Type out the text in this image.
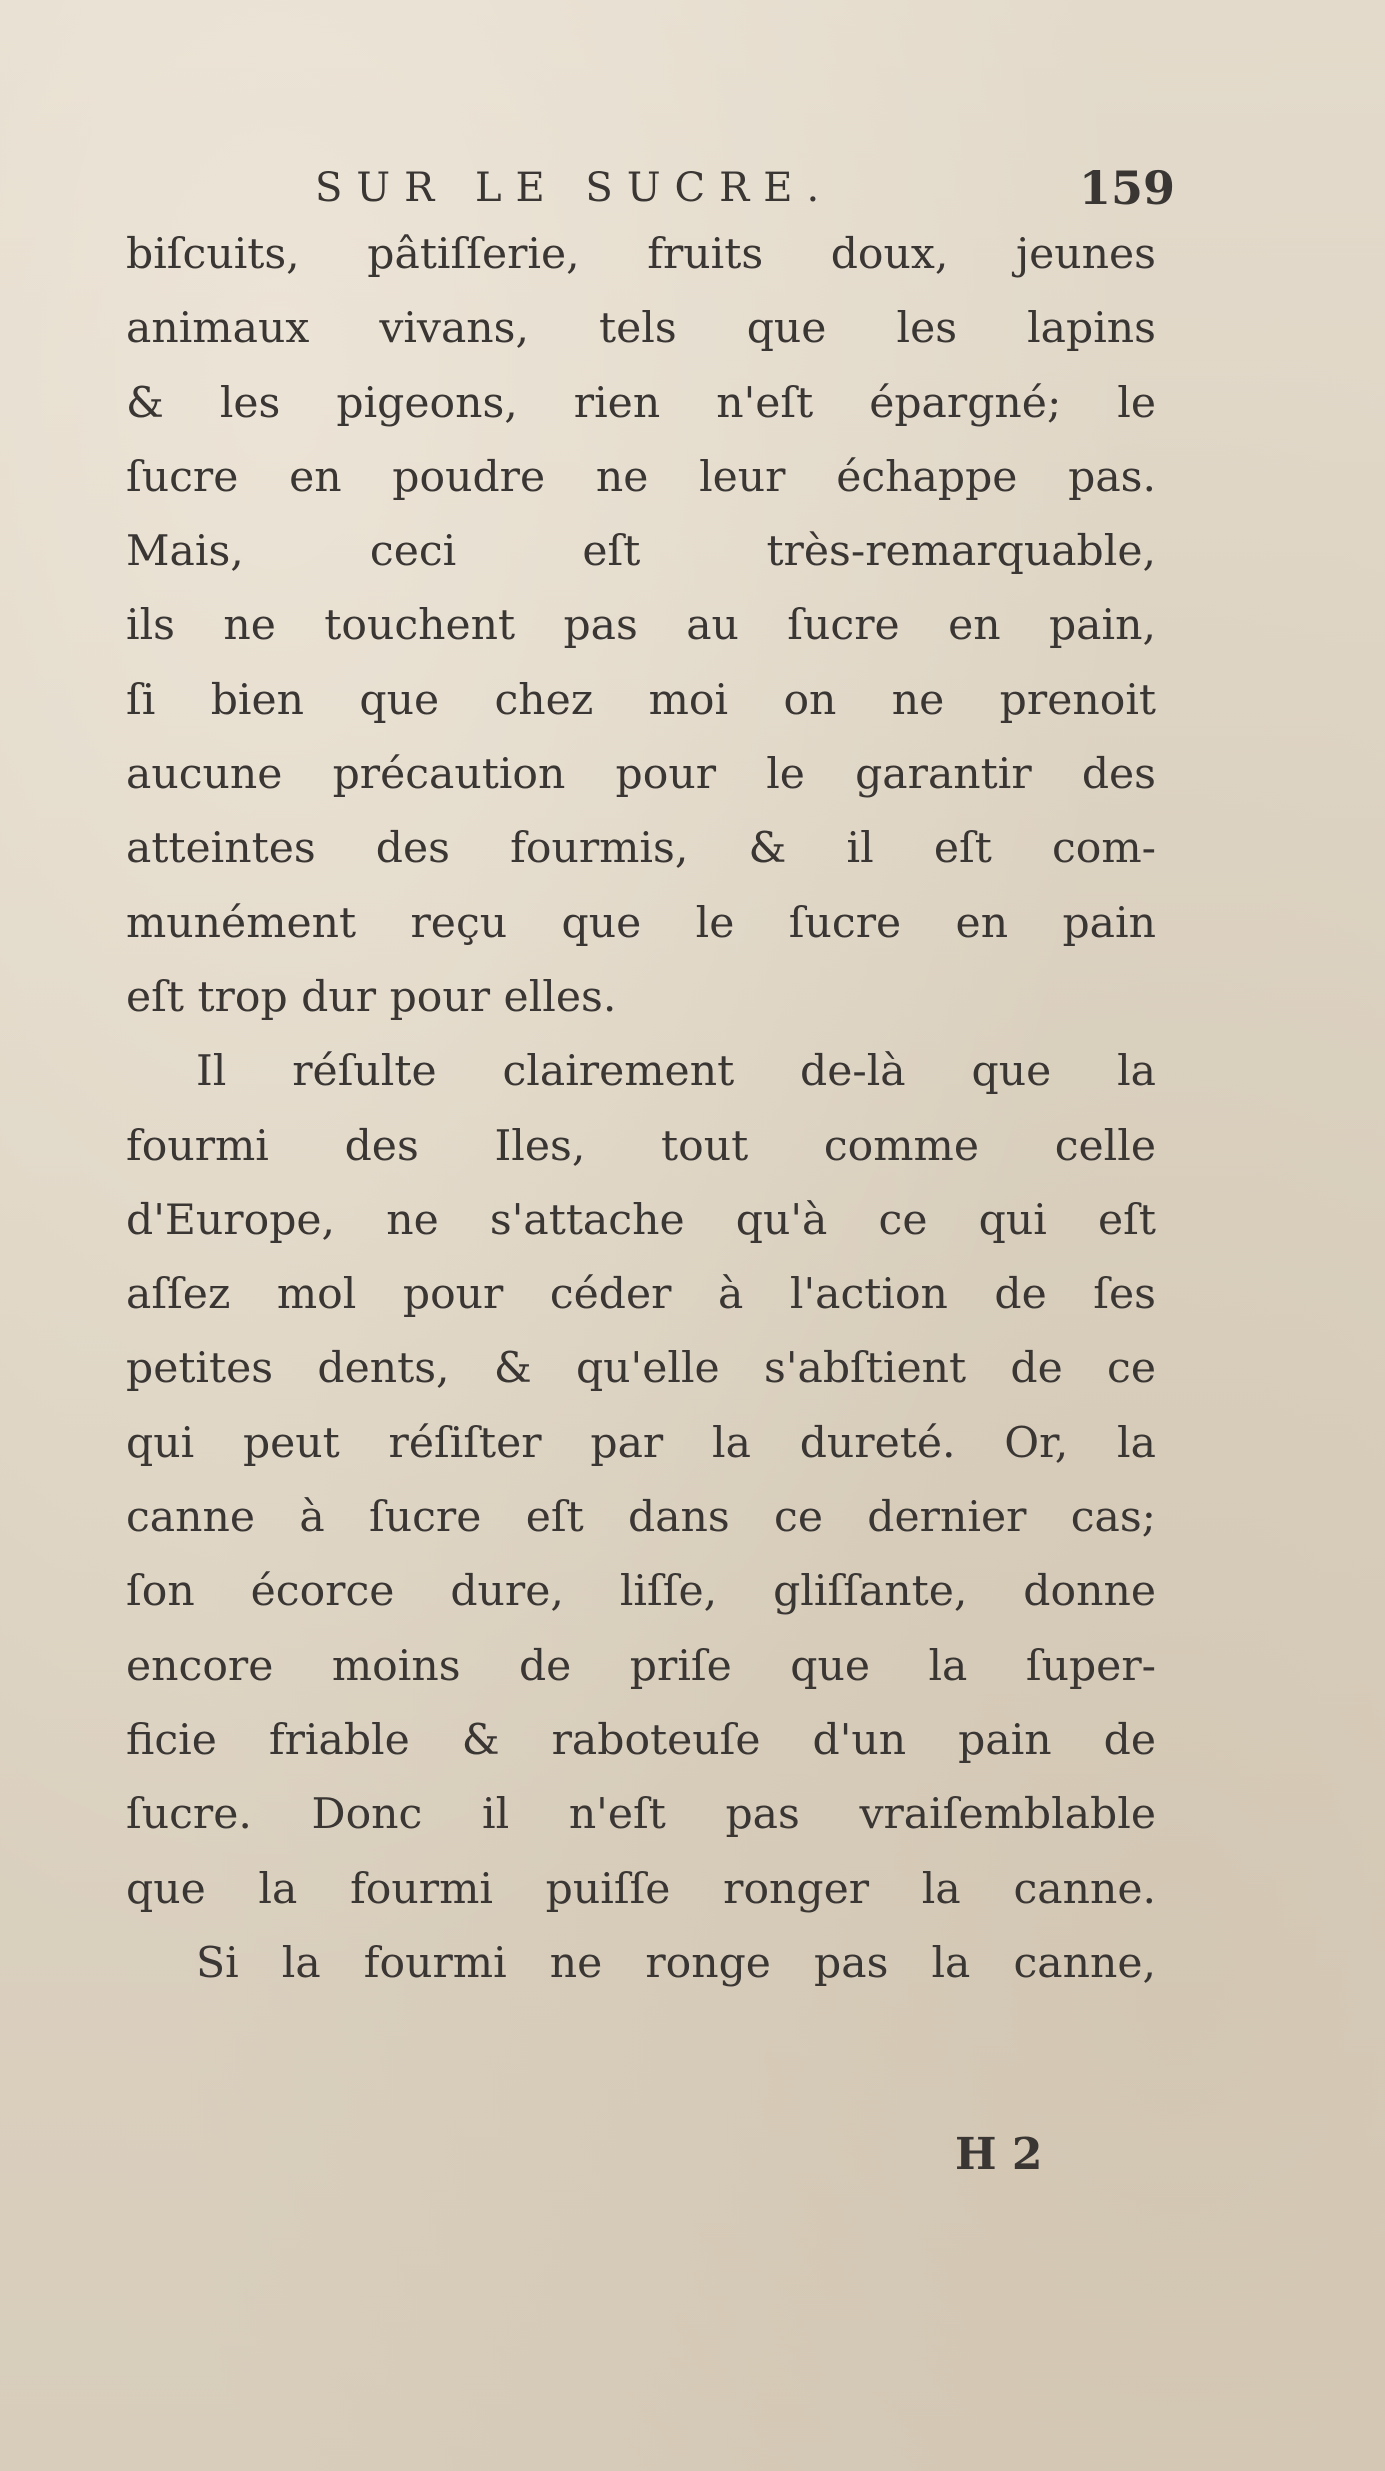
SUR LE SUCRE.	159
biſcuits, pâtiſſerie, fruits doux, jeunes
animaux vivans, tels que les lapins
& les pigeons, rien n'eſt épargné; le
ſucre en poudre ne leur échappe pas.
Mais, ceci eſt très-remarquable,
ils ne touchent pas au ſucre en pain,
ſi bien que chez moi on ne prenoit
aucune précaution pour le garantir des
atteintes des fourmis, & il eſt com-
munément reçu que le ſucre en pain
eſt trop dur pour elles.
Il réſulte clairement de-là que la
fourmi des Iles, tout comme celle
d'Europe, ne s'attache qu'à ce qui eſt
aſſez mol pour céder à l'action de ſes
petites dents, & qu'elle s'abſtient de ce
qui peut réſiſter par la dureté. Or, la
canne à ſucre eſt dans ce dernier cas;
ſon écorce dure, liſſe, gliſſante, donne
encore moins de priſe que la ſuper-
ficie friable & raboteuſe d'un pain de
ſucre. Donc il n'eſt pas vraiſemblable
que la fourmi puiſſe ronger la canne.
Si la fourmi ne ronge pas la canne,
H 2
